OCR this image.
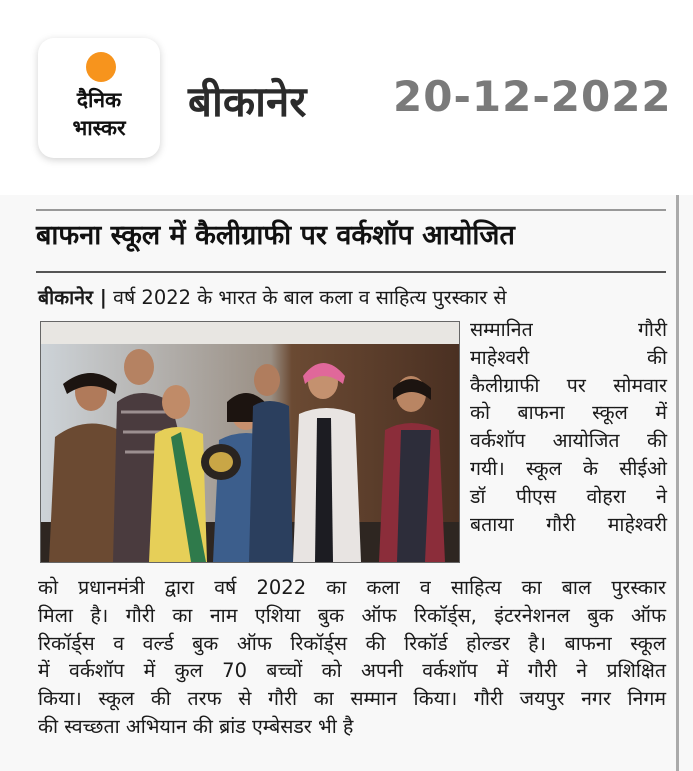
दैनिक
भास्कर
बीकानेर 20-12-2022
बाफना स्कूल में कैलीग्राफी पर वर्कशॉप आयोजित
बीकानेर | वर्ष 2022 के भारत के बाल कला व साहित्य पुरस्कार से
सम्मानित गौरी
माहेश्वरी की
कैलीग्राफी पर सोमवार
को बाफना स्कूल में
वर्कशॉप आयोजित की
गयी। स्कूल के सीईओ
डॉ पीएस वोहरा ने
बताया गौरी माहेश्वरी
को प्रधानमंत्री द्वारा वर्ष 2022 का कला व साहित्य का बाल पुरस्कार
मिला है। गौरी का नाम एशिया बुक ऑफ रिकॉर्ड्स, इंटरनेशनल बुक ऑफ
रिकॉर्ड्स व वर्ल्ड बुक ऑफ रिकॉर्ड्स की रिकॉर्ड होल्डर है। बाफना स्कूल
में वर्कशॉप में कुल 70 बच्चों को अपनी वर्कशॉप में गौरी ने प्रशिक्षित
किया। स्कूल की तरफ से गौरी का सम्मान किया। गौरी जयपुर नगर निगम
की स्वच्छता अभियान की ब्रांड एम्बेसडर भी है
